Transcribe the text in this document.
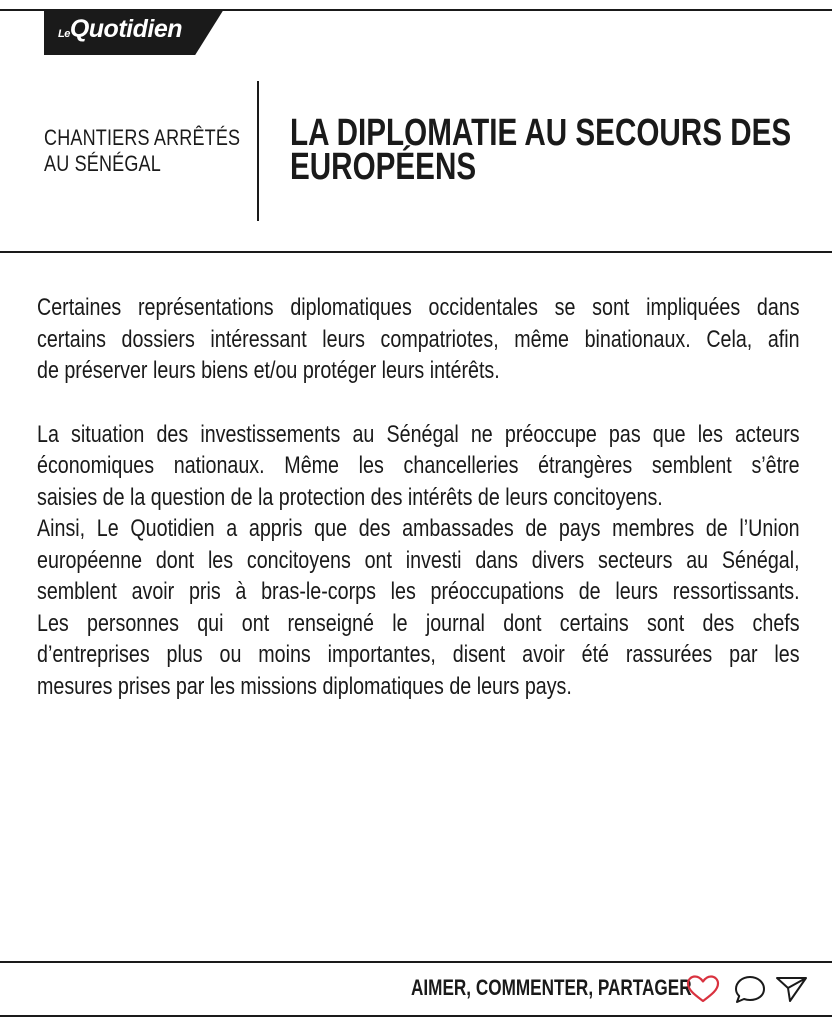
LeQuotidien
CHANTIERS ARRÊTÉS
AU SÉNÉGAL
LA DIPLOMATIE AU SECOURS DES
EUROPÉENS
Certaines représentations diplomatiques occidentales se sont impliquées dans
certains dossiers intéressant leurs compatriotes, même binationaux. Cela, afin
de préserver leurs biens et/ou protéger leurs intérêts.
La situation des investissements au Sénégal ne préoccupe pas que les acteurs
économiques nationaux. Même les chancelleries étrangères semblent s’être
saisies de la question de la protection des intérêts de leurs concitoyens.
Ainsi, Le Quotidien a appris que des ambassades de pays membres de l’Union
européenne dont les concitoyens ont investi dans divers secteurs au Sénégal,
semblent avoir pris à bras-le-corps les préoccupations de leurs ressortissants.
Les personnes qui ont renseigné le journal dont certains sont des chefs
d’entreprises plus ou moins importantes, disent avoir été rassurées par les
mesures prises par les missions diplomatiques de leurs pays.
AIMER, COMMENTER, PARTAGER
